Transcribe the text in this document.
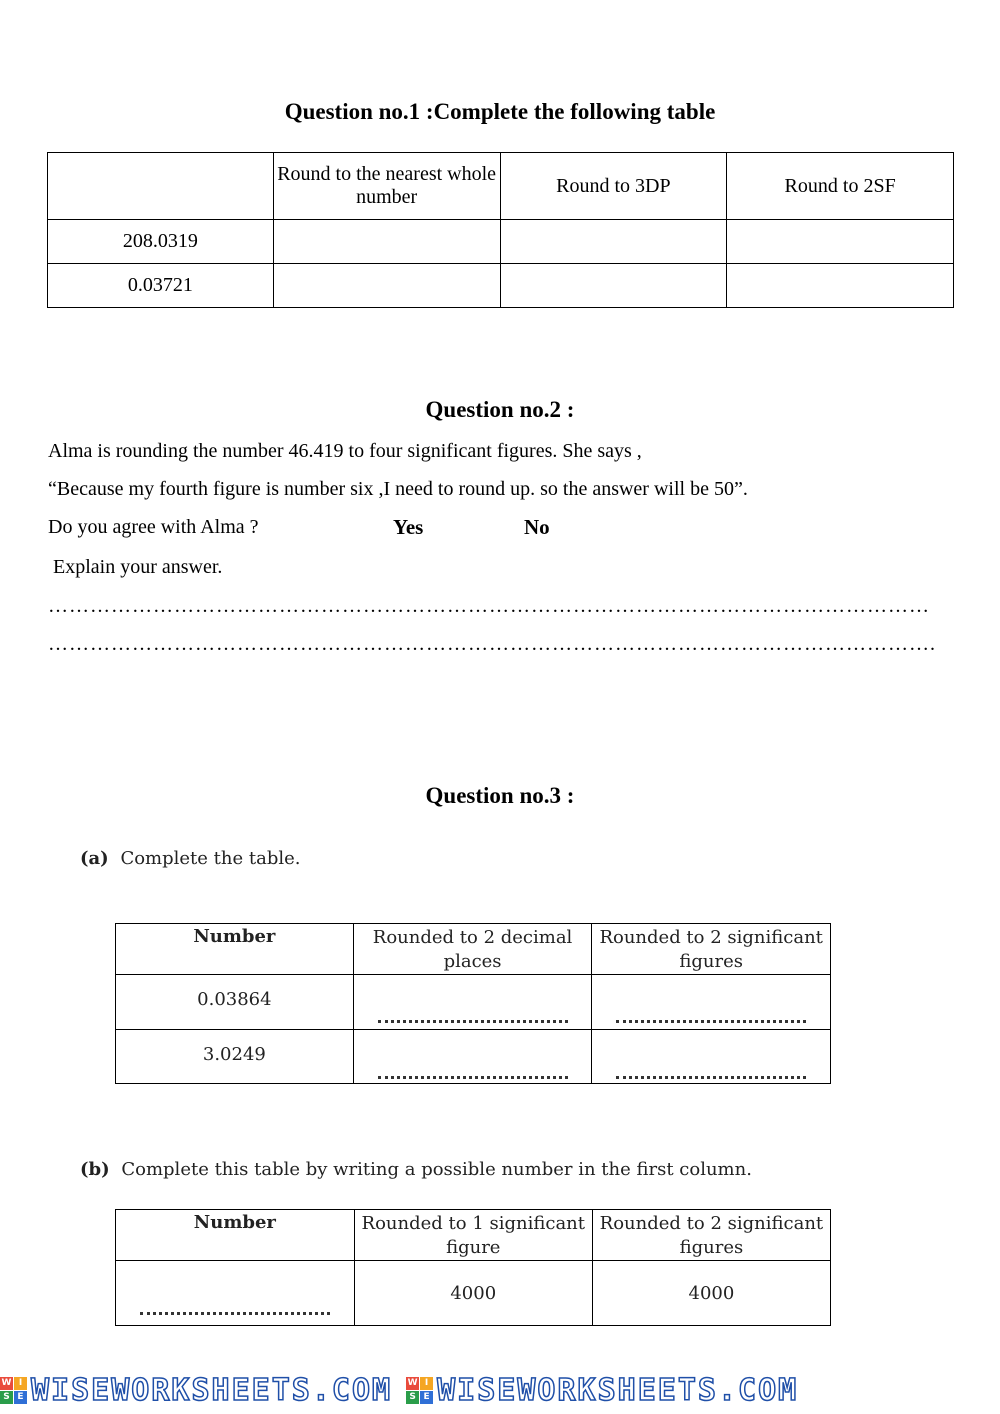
Question no.1 :Complete the following table
	Round to the nearest whole number	Round to 3DP	Round to 2SF
208.0319			
0.03721			
Question no.2 :
Alma is rounding the number 46.419 to four significant figures. She says ,
“Because my fourth figure is number six ,I need to round up. so the answer will be 50”.
Do you agree with Alma ?	Yes	No
Explain your answer.
………………………………………………………………………………………………………………
……………………………………………………………………………………………………………….
Question no.3 :
(a) Complete the table.
Number	Rounded to 2 decimal places	Rounded to 2 significant figures
0.03864	

3.0249	

(b) Complete this table by writing a possible number in the first column.
Number	Rounded to 1 significant figure	Rounded to 2 significant figures

	4000	4000
W I
S E WISEWORKSHEETS.COM
W I
S E WISEWORKSHEETS.COM
